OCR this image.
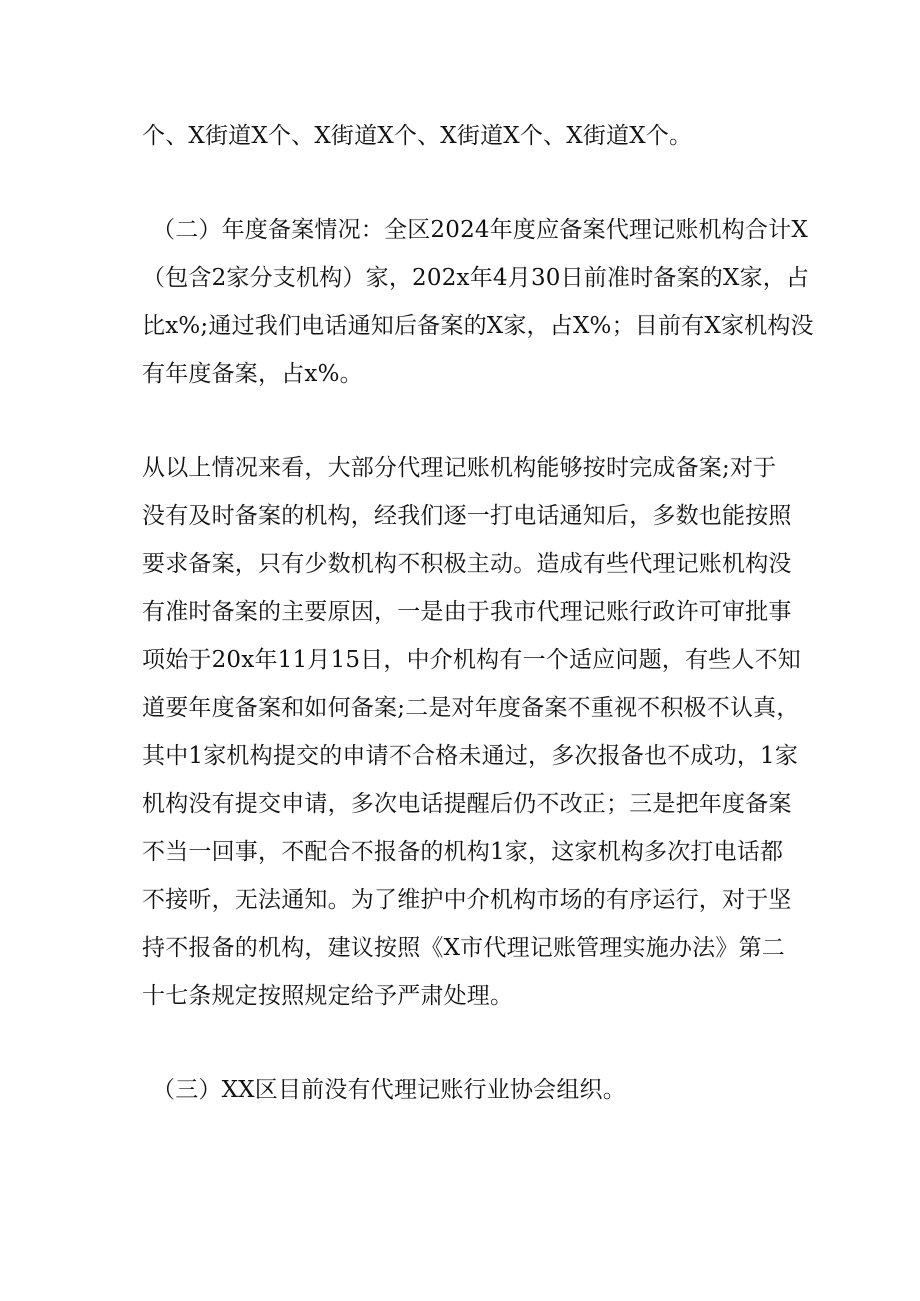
个、X街道X个、X街道X个、X街道X个、X街道X个。
（二）年度备案情况：全区2024年度应备案代理记账机构合计X
（包含2家分支机构）家，202x年4月30日前准时备案的X家，占
比x%;通过我们电话通知后备案的X家，占X%；目前有X家机构没
有年度备案，占x%。
从以上情况来看，大部分代理记账机构能够按时完成备案;对于
没有及时备案的机构，经我们逐一打电话通知后，多数也能按照
要求备案，只有少数机构不积极主动。造成有些代理记账机构没
有准时备案的主要原因，一是由于我市代理记账行政许可审批事
项始于20x年11月15日，中介机构有一个适应问题，有些人不知
道要年度备案和如何备案;二是对年度备案不重视不积极不认真，
其中1家机构提交的申请不合格未通过，多次报备也不成功，1家
机构没有提交申请，多次电话提醒后仍不改正；三是把年度备案
不当一回事，不配合不报备的机构1家，这家机构多次打电话都
不接听，无法通知。为了维护中介机构市场的有序运行，对于坚
持不报备的机构，建议按照《X市代理记账管理实施办法》第二
十七条规定按照规定给予严肃处理。
（三）XX区目前没有代理记账行业协会组织。
